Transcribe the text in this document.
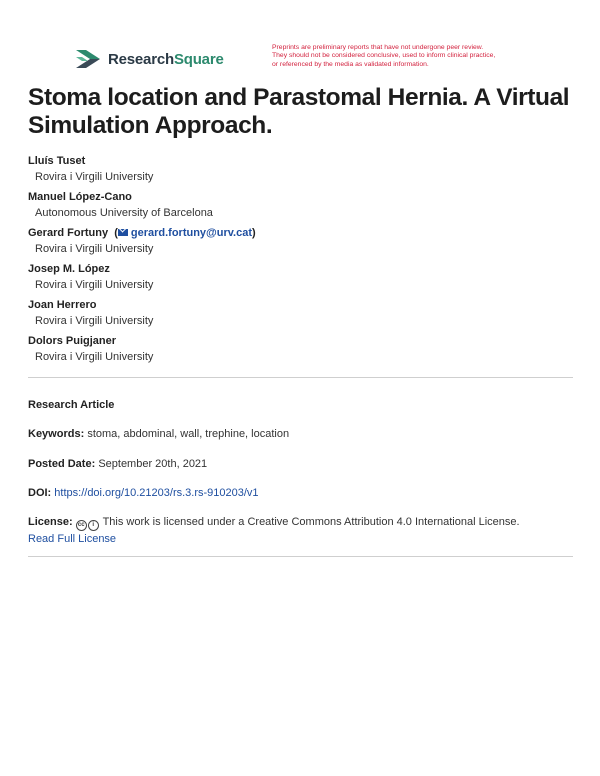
ResearchSquare
Preprints are preliminary reports that have not undergone peer review.
They should not be considered conclusive, used to inform clinical practice,
or referenced by the media as validated information.
Stoma location and Parastomal Hernia. A Virtual Simulation Approach.
Lluís Tuset
Rovira i Virgili University
Manuel López-Cano
Autonomous University of Barcelona
Gerard Fortuny  ( gerard.fortuny@urv.cat)
Rovira i Virgili University
Josep M. López
Rovira i Virgili University
Joan Herrero
Rovira i Virgili University
Dolors Puigjaner
Rovira i Virgili University
Research Article
Keywords: stoma, abdominal, wall, trephine, location
Posted Date: September 20th, 2021
DOI: https://doi.org/10.21203/rs.3.rs-910203/v1
License: cc i This work is licensed under a Creative Commons Attribution 4.0 International License.
Read Full License
